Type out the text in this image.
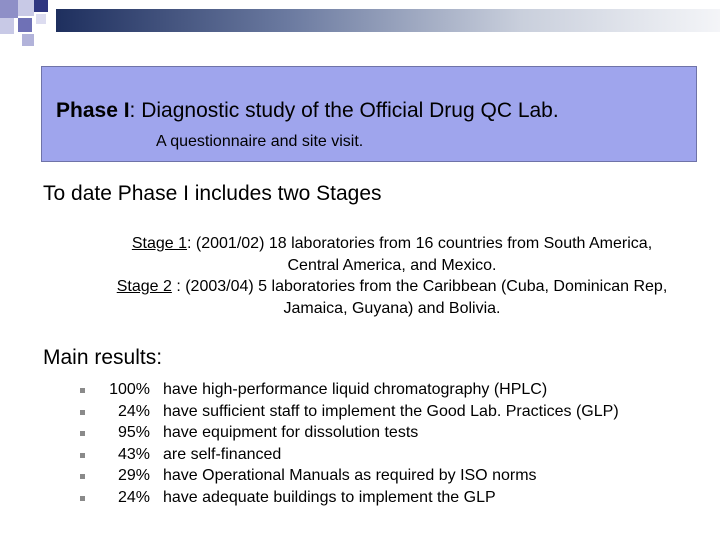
Phase I: Diagnostic study of the Official Drug QC Lab.
A questionnaire and site visit.
To date Phase I includes two Stages
Stage 1: (2001/02) 18 laboratories from 16 countries from South America,
Central America, and Mexico.
Stage 2 : (2003/04) 5 laboratories from the Caribbean (Cuba, Dominican Rep,
Jamaica, Guyana) and Bolivia.
Main results:
100% have high-performance liquid chromatography (HPLC)
24% have sufficient staff to implement the Good Lab. Practices (GLP)
95% have equipment for dissolution tests
43% are self-financed
29% have Operational Manuals as required by ISO norms
24% have adequate buildings to implement the GLP
